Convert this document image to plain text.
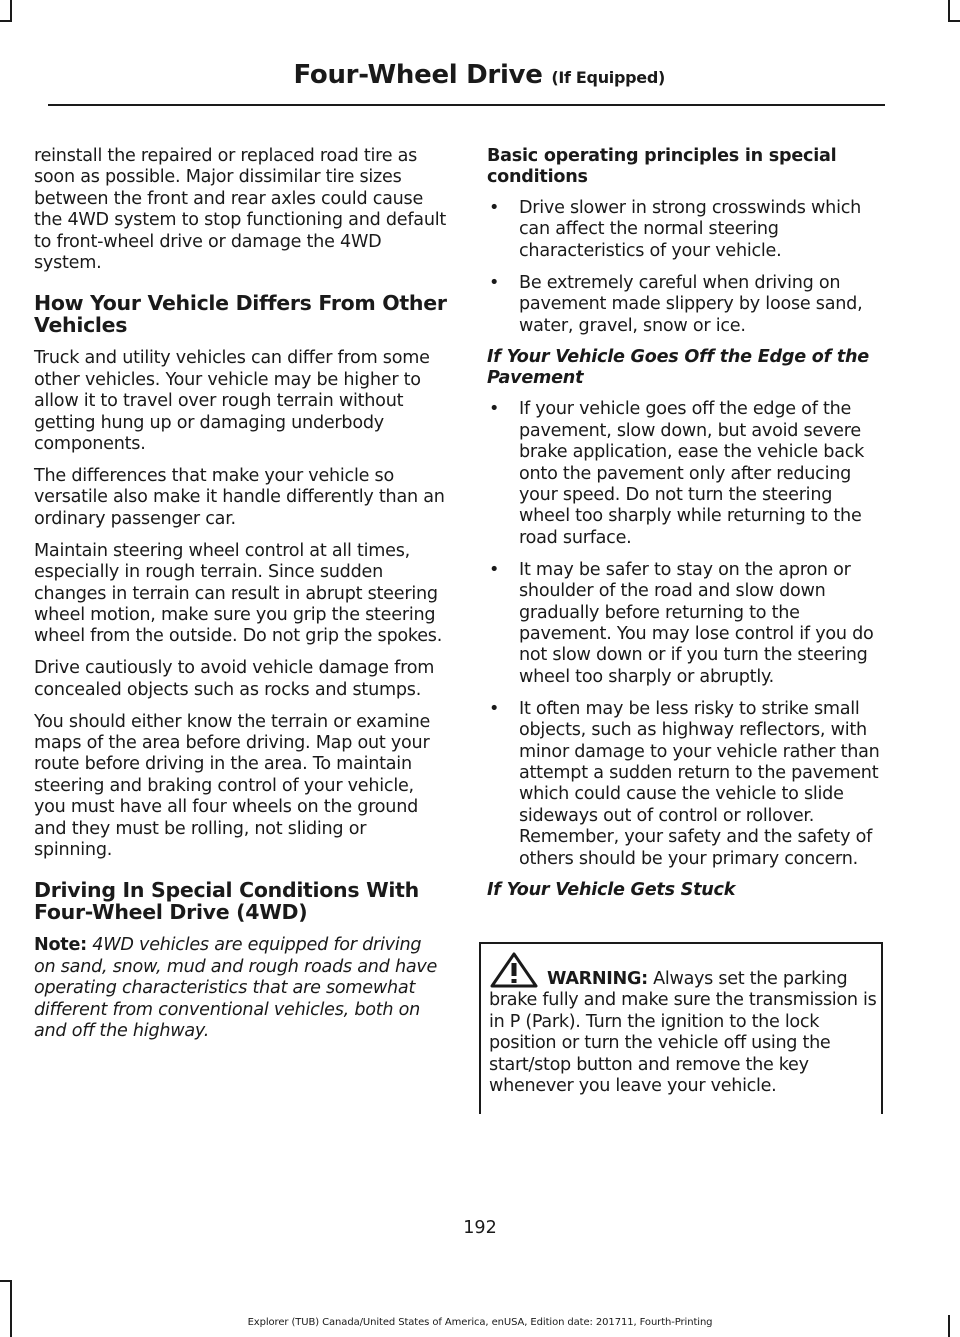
Four-Wheel Drive (If Equipped)

reinstall the repaired or replaced road tire as soon as possible. Major dissimilar tire sizes between the front and rear axles could cause the 4WD system to stop functioning and default to front-wheel drive or damage the 4WD system.

How Your Vehicle Differs From Other Vehicles

Truck and utility vehicles can differ from some other vehicles. Your vehicle may be higher to allow it to travel over rough terrain without getting hung up or damaging underbody components.

The differences that make your vehicle so versatile also make it handle differently than an ordinary passenger car.

Maintain steering wheel control at all times, especially in rough terrain. Since sudden changes in terrain can result in abrupt steering wheel motion, make sure you grip the steering wheel from the outside. Do not grip the spokes.

Drive cautiously to avoid vehicle damage from concealed objects such as rocks and stumps.

You should either know the terrain or examine maps of the area before driving. Map out your route before driving in the area. To maintain steering and braking control of your vehicle, you must have all four wheels on the ground and they must be rolling, not sliding or spinning.

Driving In Special Conditions With Four-Wheel Drive (4WD)

Note: 4WD vehicles are equipped for driving on sand, snow, mud and rough roads and have operating characteristics that are somewhat different from conventional vehicles, both on and off the highway.

Basic operating principles in special conditions
• Drive slower in strong crosswinds which can affect the normal steering characteristics of your vehicle.
• Be extremely careful when driving on pavement made slippery by loose sand, water, gravel, snow or ice.
If Your Vehicle Goes Off the Edge of the Pavement
• If your vehicle goes off the edge of the pavement, slow down, but avoid severe brake application, ease the vehicle back onto the pavement only after reducing your speed. Do not turn the steering wheel too sharply while returning to the road surface.
• It may be safer to stay on the apron or shoulder of the road and slow down gradually before returning to the pavement. You may lose control if you do not slow down or if you turn the steering wheel too sharply or abruptly.
• It often may be less risky to strike small objects, such as highway reflectors, with minor damage to your vehicle rather than attempt a sudden return to the pavement which could cause the vehicle to slide sideways out of control or rollover. Remember, your safety and the safety of others should be your primary concern.
If Your Vehicle Gets Stuck

WARNING: Always set the parking brake fully and make sure the transmission is in P (Park). Turn the ignition to the lock position or turn the vehicle off using the start/stop button and remove the key whenever you leave your vehicle.

192
Explorer (TUB) Canada/United States of America, enUSA, Edition date: 201711, Fourth-Printing
